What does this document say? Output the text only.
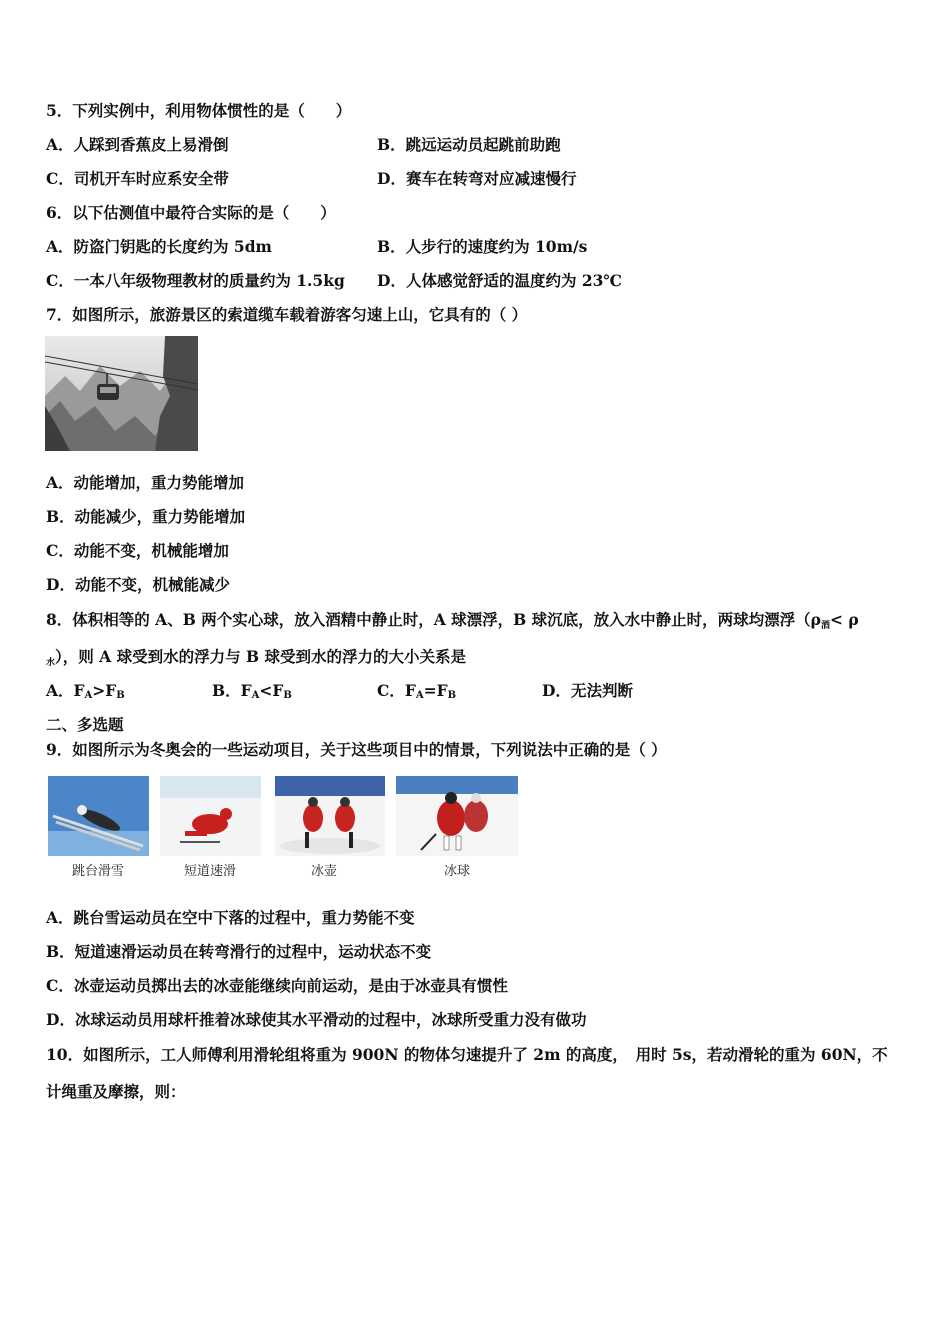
5．下列实例中，利用物体惯性的是（　　）
A．人踩到香蕉皮上易滑倒	B．跳远运动员起跳前助跑
C．司机开车时应系安全带	D．赛车在转弯对应减速慢行
6．以下估测值中最符合实际的是（　　）
A．防盗门钥匙的长度约为 5dm	B．人步行的速度约为 10m/s
C．一本八年级物理教材的质量约为 1.5kg D．人体感觉舒适的温度约为 23℃
7．如图所示，旅游景区的索道缆车载着游客匀速上山，它具有的（ ）
A．动能增加，重力势能增加
B．动能减少，重力势能增加
C．动能不变，机械能增加
D．动能不变，机械能减少
8．体积相等的 A、B 两个实心球，放入酒精中静止时，A 球漂浮，B 球沉底，放入水中静止时，两球均漂浮（ρ酒< ρ
水），则 A 球受到水的浮力与 B 球受到水的浮力的大小关系是
A．$F_A>F_B$	B．$F_A<F_B$	C．$F_A=F_B$	D．无法判断
二、多选题
9．如图所示为冬奥会的一些运动项目，关于这些项目中的情景，下列说法中正确的是（ ）
跳台滑雪	短道速滑	冰壶	冰球
A．跳台雪运动员在空中下落的过程中，重力势能不变
B．短道速滑运动员在转弯滑行的过程中，运动状态不变
C．冰壶运动员掷出去的冰壶能继续向前运动，是由于冰壶具有惯性
D．冰球运动员用球杆推着冰球使其水平滑动的过程中，冰球所受重力没有做功
10．如图所示，工人师傅利用滑轮组将重为 900N 的物体匀速提升了 2m 的高度，　用时 5s，若动滑轮的重为 60N，不
计绳重及摩擦，则：
